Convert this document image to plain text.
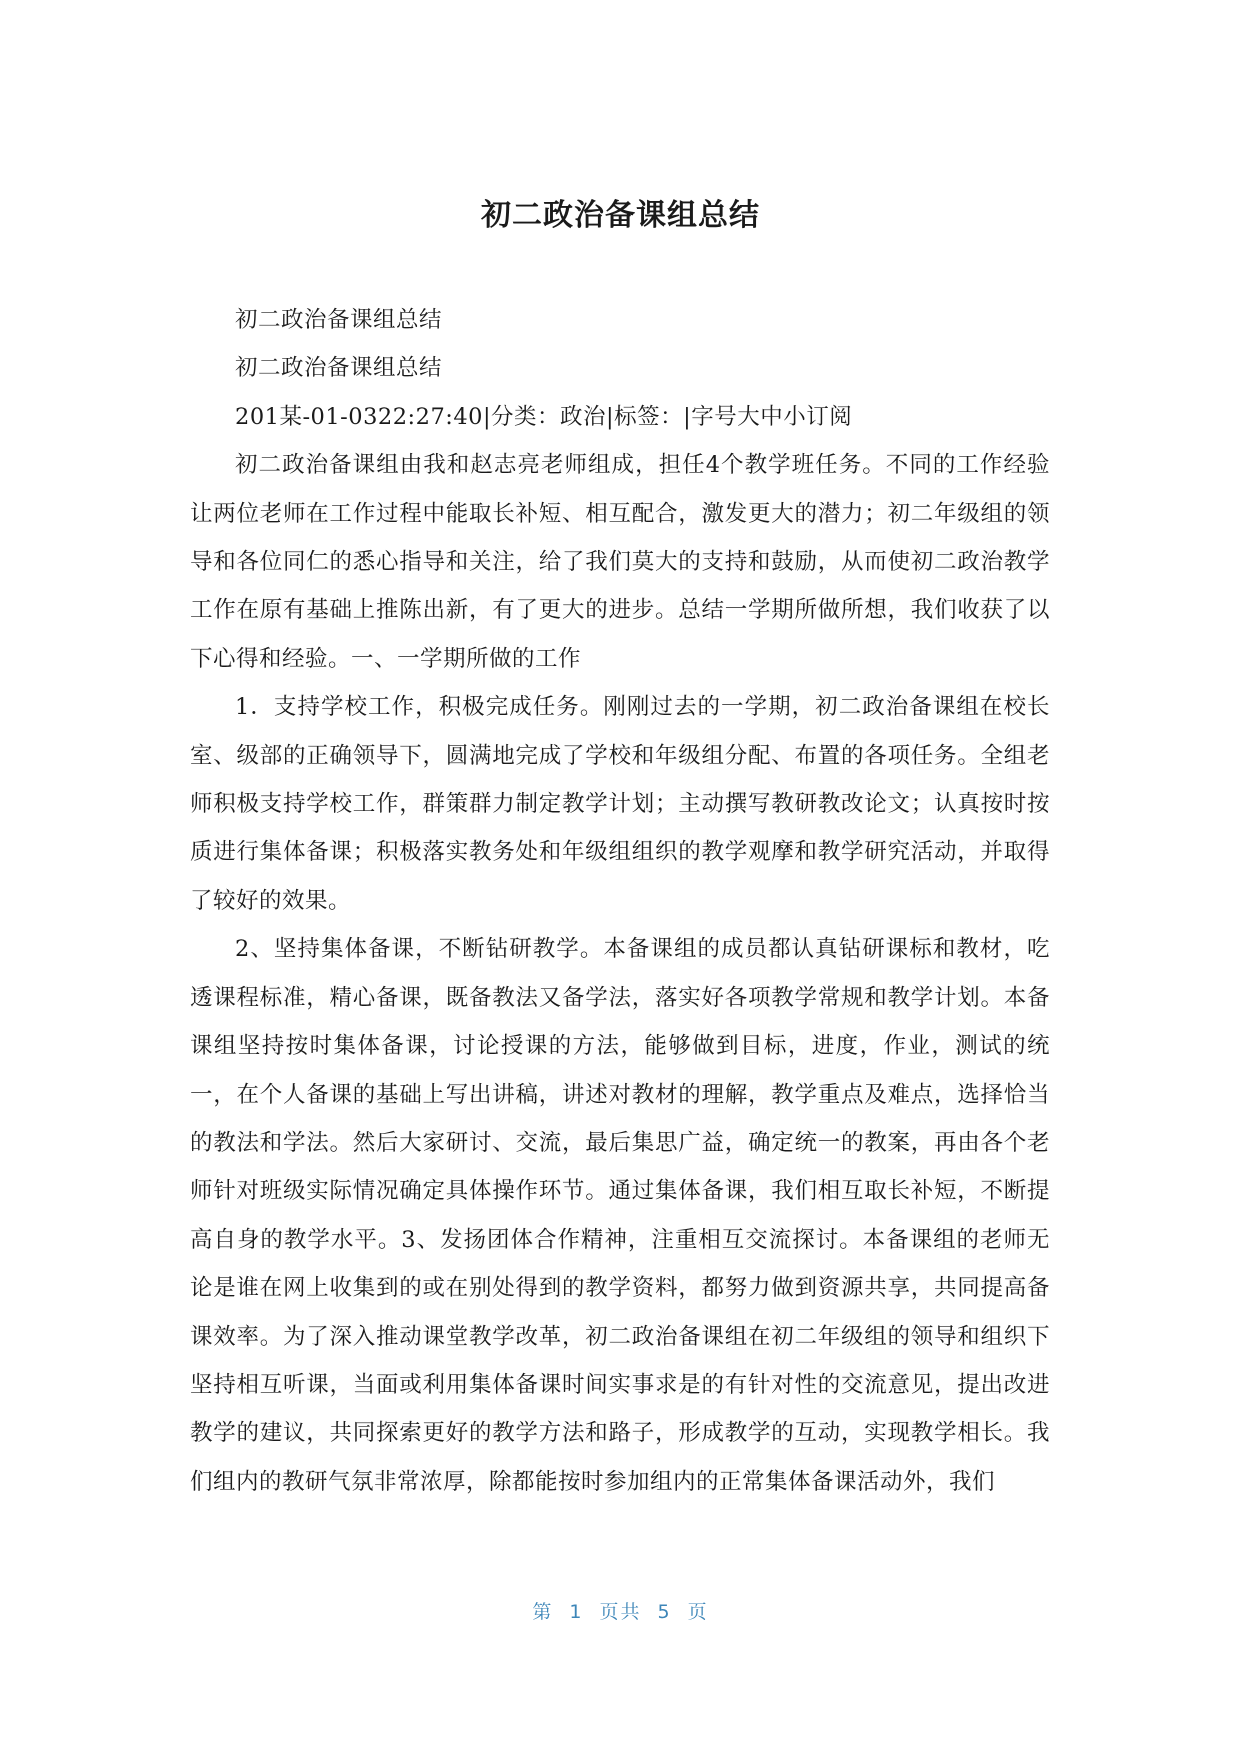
初二政治备课组总结

初二政治备课组总结

初二政治备课组总结

201某-01-0322:27:40|分类：政治|标签：|字号大中小订阅

初二政治备课组由我和赵志亮老师组成，担任4个教学班任务。不同的工作经验让两位老师在工作过程中能取长补短、相互配合，激发更大的潜力；初二年级组的领导和各位同仁的悉心指导和关注，给了我们莫大的支持和鼓励，从而使初二政治教学工作在原有基础上推陈出新，有了更大的进步。总结一学期所做所想，我们收获了以下心得和经验。一、一学期所做的工作

1．支持学校工作，积极完成任务。刚刚过去的一学期，初二政治备课组在校长室、级部的正确领导下，圆满地完成了学校和年级组分配、布置的各项任务。全组老师积极支持学校工作，群策群力制定教学计划；主动撰写教研教改论文；认真按时按质进行集体备课；积极落实教务处和年级组组织的教学观摩和教学研究活动，并取得了较好的效果。

2、坚持集体备课，不断钻研教学。本备课组的成员都认真钻研课标和教材，吃透课程标准，精心备课，既备教法又备学法，落实好各项教学常规和教学计划。本备课组坚持按时集体备课，讨论授课的方法，能够做到目标，进度，作业，测试的统一，在个人备课的基础上写出讲稿，讲述对教材的理解，教学重点及难点，选择恰当的教法和学法。然后大家研讨、交流，最后集思广益，确定统一的教案，再由各个老师针对班级实际情况确定具体操作环节。通过集体备课，我们相互取长补短，不断提高自身的教学水平。3、发扬团体合作精神，注重相互交流探讨。本备课组的老师无论是谁在网上收集到的或在别处得到的教学资料，都努力做到资源共享，共同提高备课效率。为了深入推动课堂教学改革，初二政治备课组在初二年级组的领导和组织下坚持相互听课，当面或利用集体备课时间实事求是的有针对性的交流意见，提出改进教学的建议，共同探索更好的教学方法和路子，形成教学的互动，实现教学相长。我们组内的教研气氛非常浓厚，除都能按时参加组内的正常集体备课活动外，我们

第 1 页共 5 页
